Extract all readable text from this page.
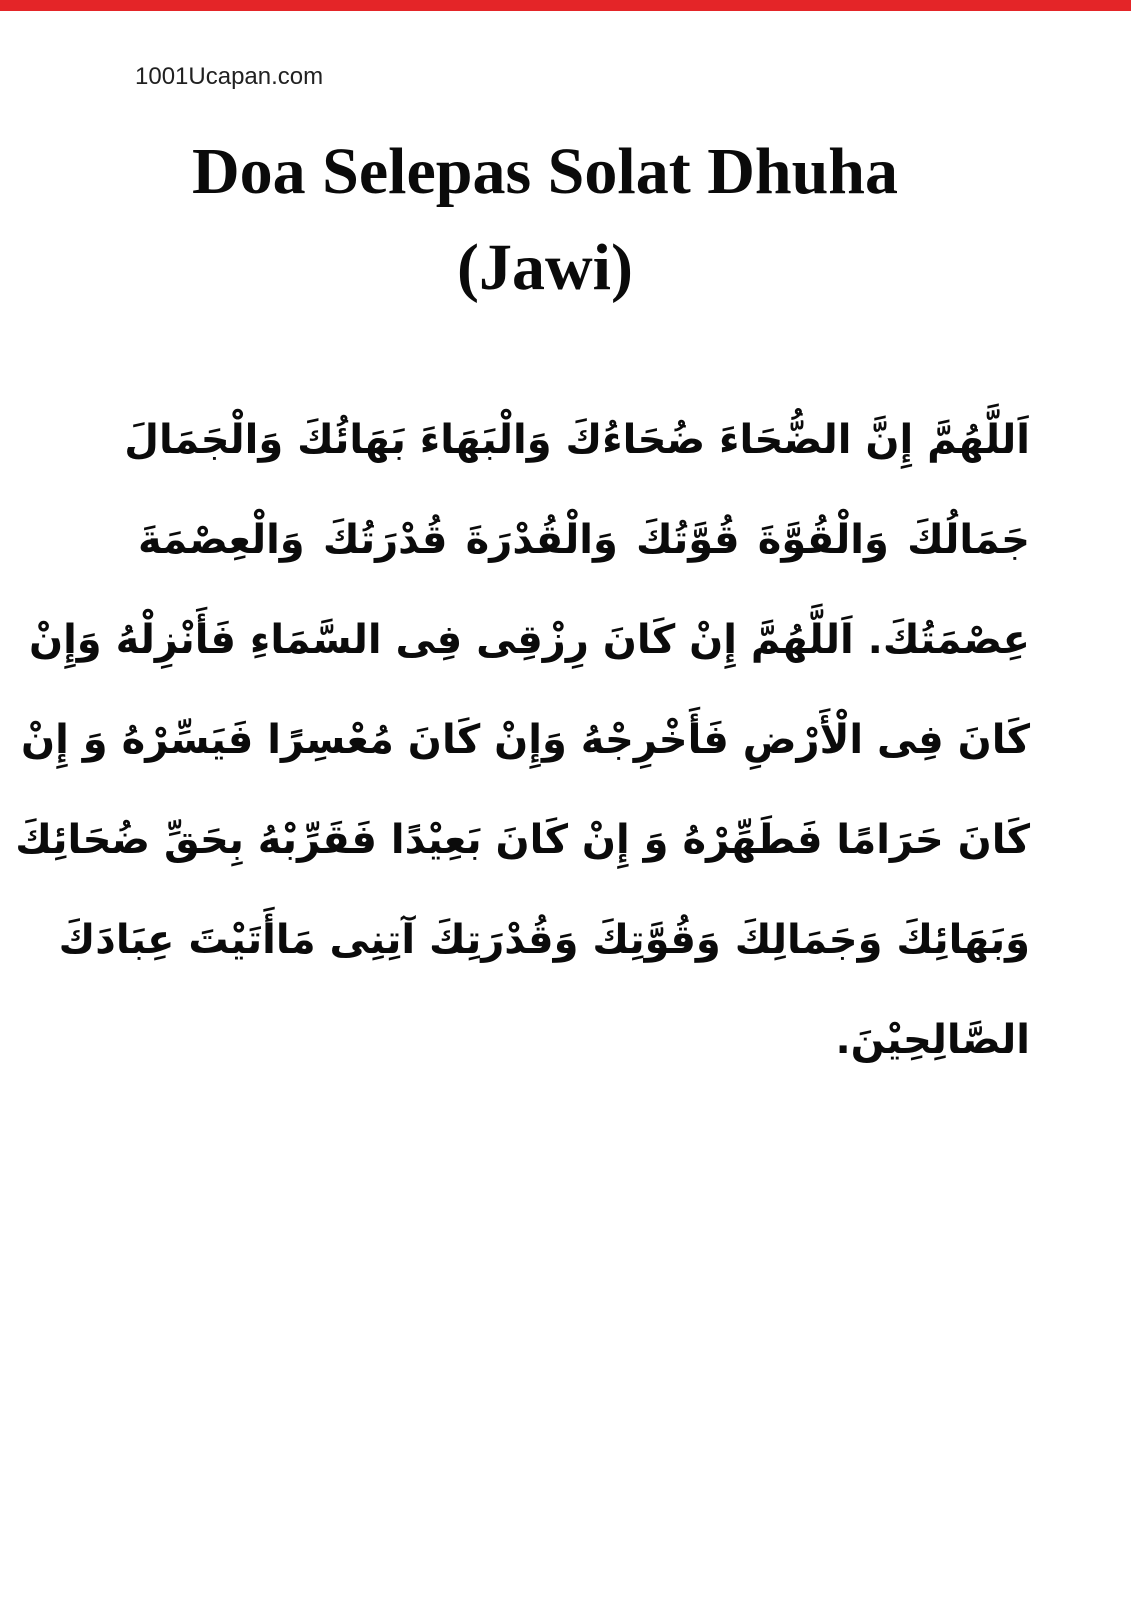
1001Ucapan.com
Doa Selepas Solat Dhuha
(Jawi)
اَللَّهُمَّ إِنَّ الضُّحَاءَ ضُحَاءُكَ وَالْبَهَاءَ بَهَائُكَ وَالْجَمَالَ
جَمَالُكَ وَالْقُوَّةَ قُوَّتُكَ وَالْقُدْرَةَ قُدْرَتُكَ وَالْعِصْمَةَ
عِصْمَتُكَ. اَللَّهُمَّ إِنْ كَانَ رِزْقِى فِى السَّمَاءِ فَأَنْزِلْهُ وَإِنْ
كَانَ فِى الْأَرْضِ فَأَخْرِجْهُ وَإِنْ كَانَ مُعْسِرًا فَيَسِّرْهُ وَ إِنْ
كَانَ حَرَامًا فَطَهِّرْهُ وَ إِنْ كَانَ بَعِيْدًا فَقَرِّبْهُ بِحَقِّ ضُحَائِكَ
وَبَهَائِكَ وَجَمَالِكَ وَقُوَّتِكَ وَقُدْرَتِكَ آتِنِى مَاأَتَيْتَ عِبَادَكَ
الصَّالِحِيْنَ.
